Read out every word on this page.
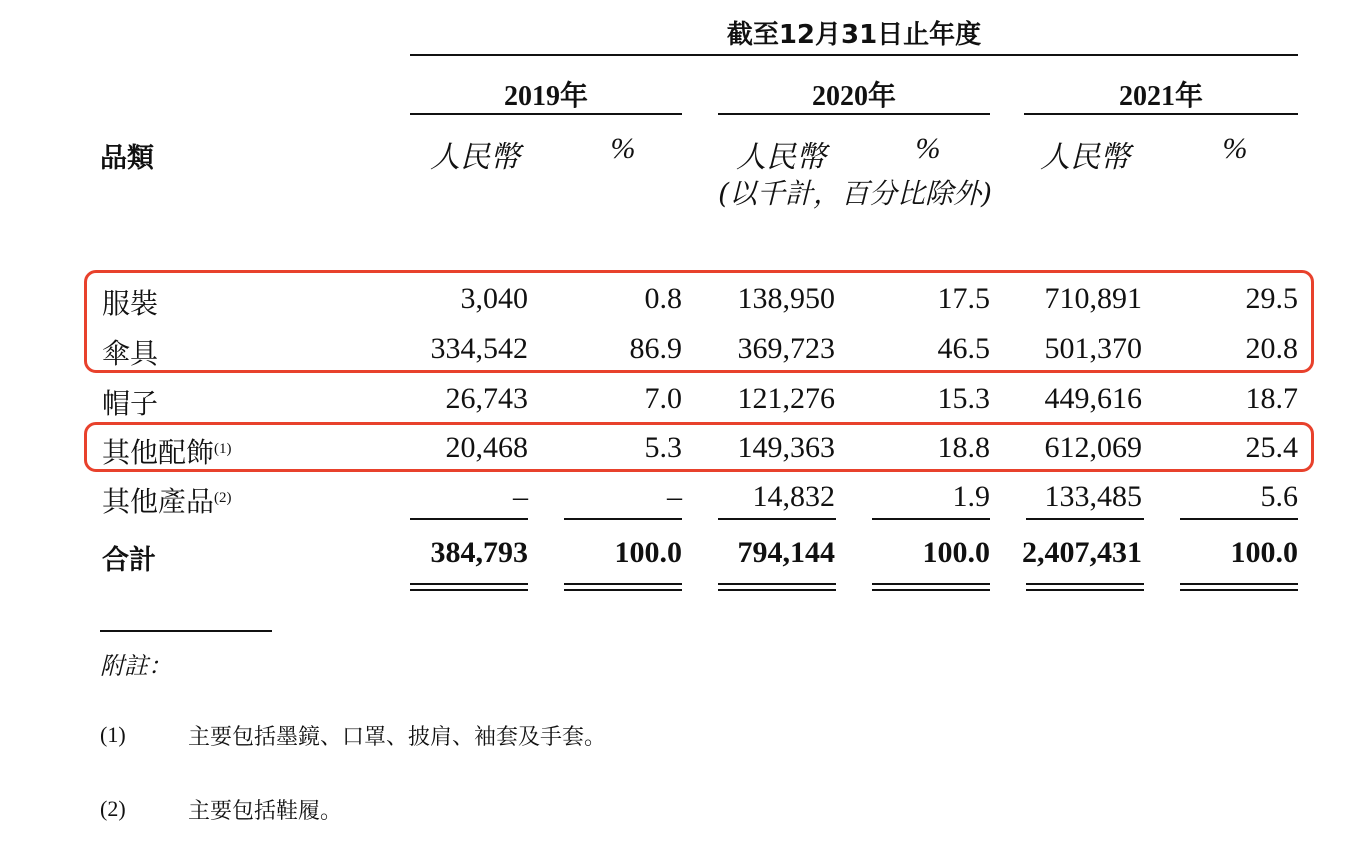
截至12月31日止年度
2019年	2020年	2021年
品類	人民幣	%	人民幣	%	人民幣	%
(以千計，百分比除外)
服裝	3,040	0.8	138,950	17.5	710,891	29.5
傘具	334,542	86.9	369,723	46.5	501,370	20.8
帽子	26,743	7.0	121,276	15.3	449,616	18.7
其他配飾$^{(1)}$	20,468	5.3	149,363	18.8	612,069	25.4
其他產品$^{(2)}$	–	–	14,832	1.9	133,485	5.6
合計	384,793	100.0	794,144	100.0	2,407,431	100.0
附註：
(1)	主要包括墨鏡、口罩、披肩、袖套及手套。
(2)	主要包括鞋履。
